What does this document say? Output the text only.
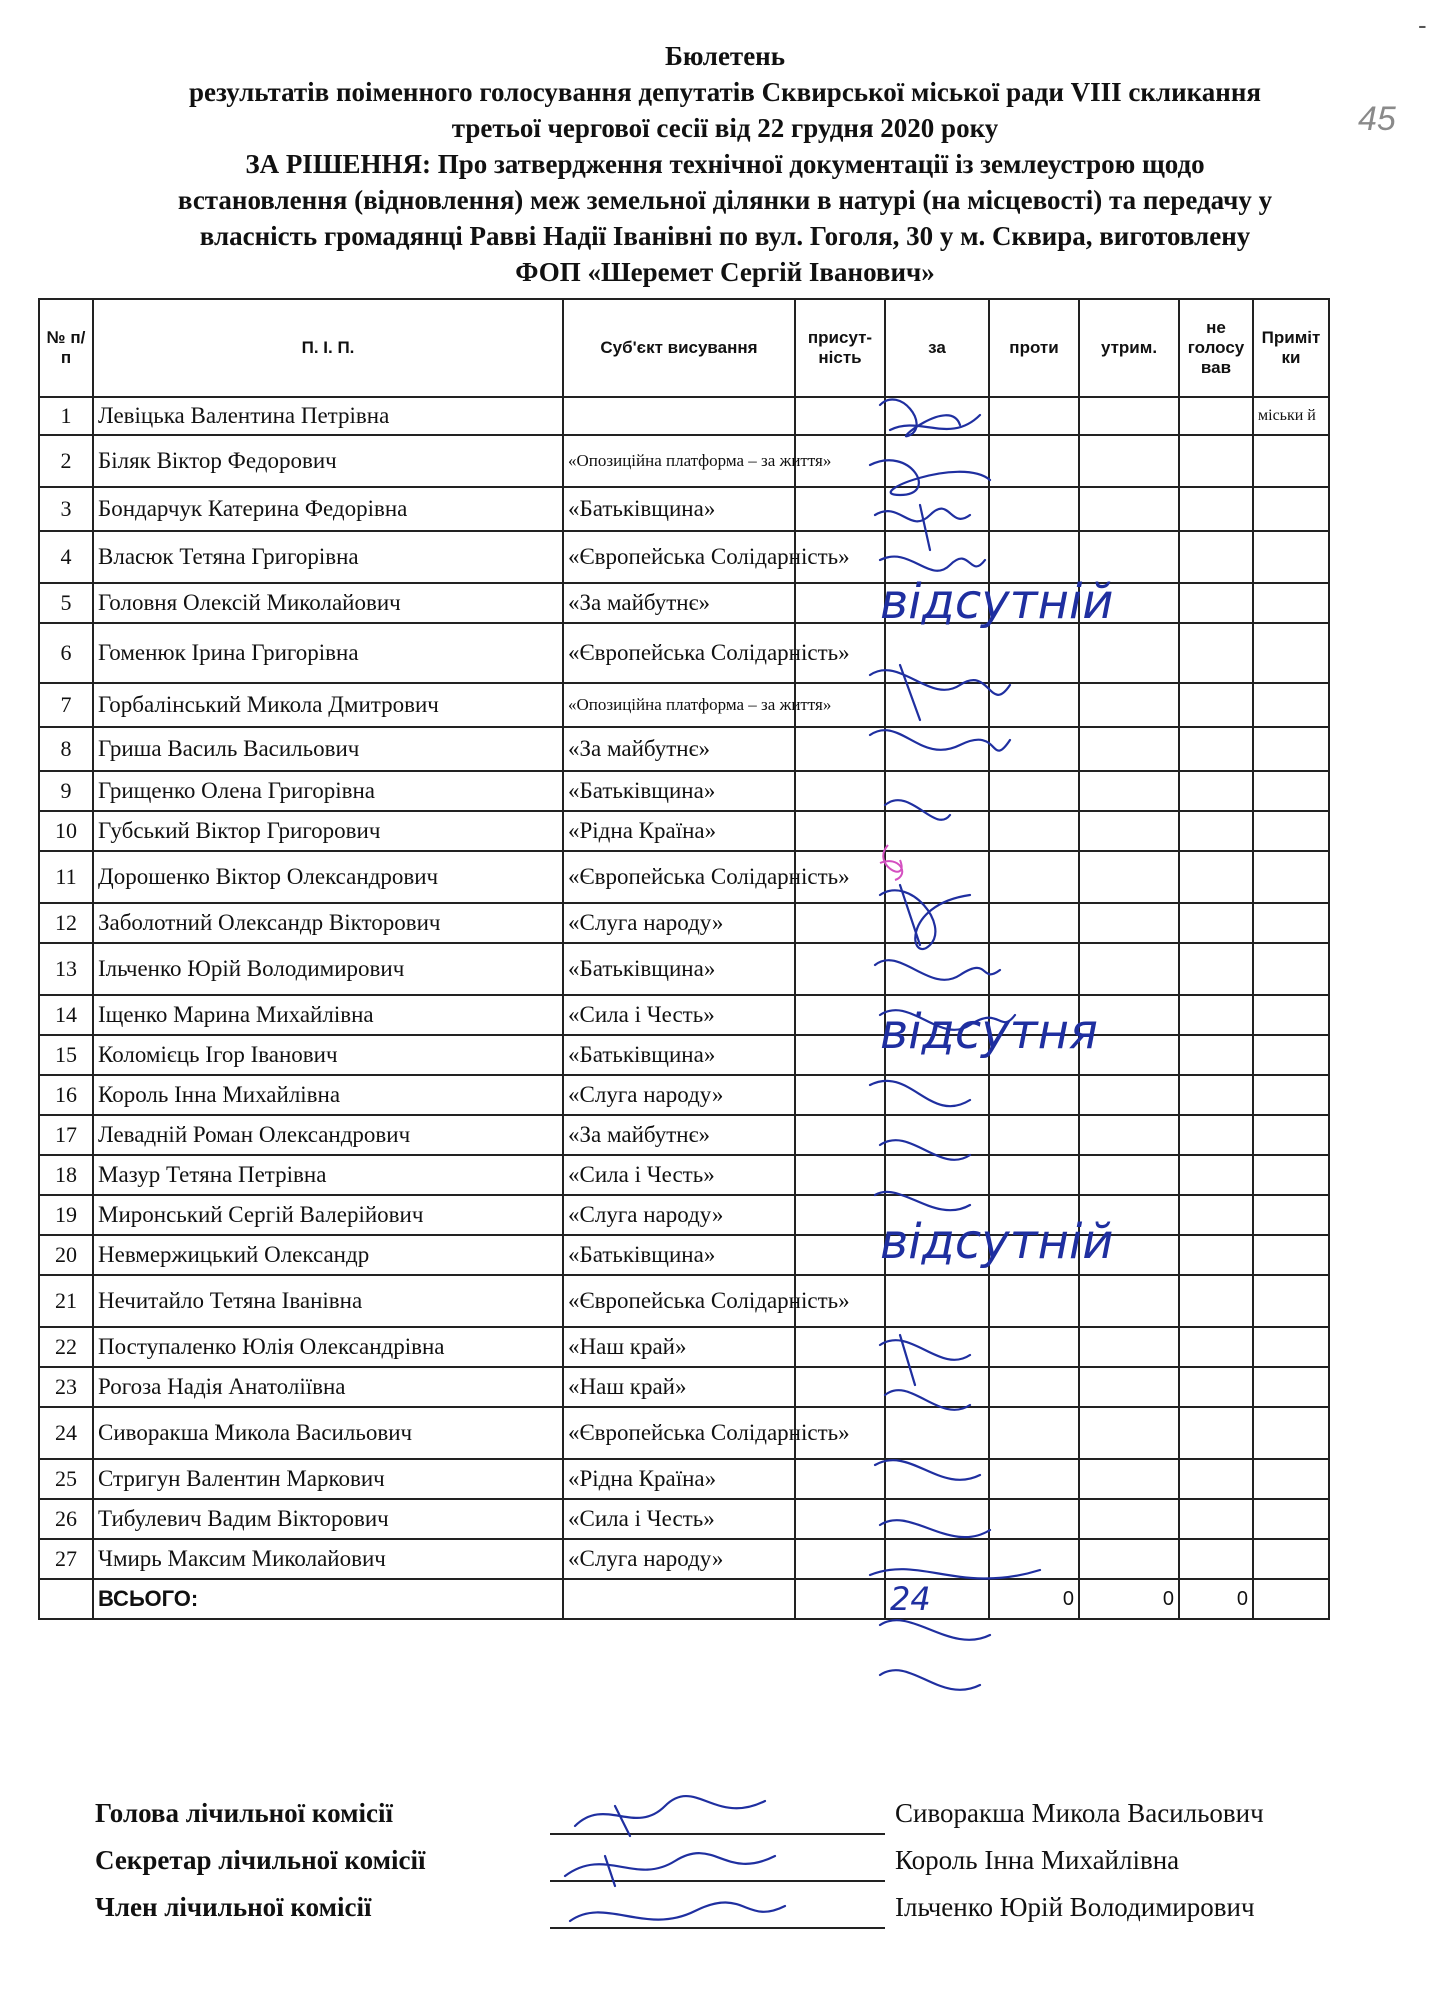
-
45
Бюлетень
результатів поіменного голосування депутатів Сквирської міської ради VIII скликання
третьої чергової сесії від 22 грудня 2020 року
ЗА РІШЕННЯ: Про затвердження технічної документації із землеустрою щодо
встановлення (відновлення) меж земельної ділянки в натурі (на місцевості) та передачу у
власність громадянці Равві Надії Іванівні по вул. Гоголя, 30 у м. Сквира, виготовлену
ФОП «Шеремет Сергій Іванович»
№ п/п	П. І. П.	Суб'єкт висування	присут-ність	за	проти	утрим.	не голосу вав	Приміт ки
1	Левіцька Валентина Петрівна							міськи й
2	Біляк Віктор Федорович	«Опозиційна платформа – за життя»						
3	Бондарчук Катерина Федорівна	«Батьківщина»						
4	Власюк Тетяна Григорівна	«Європейська Солідарність»						
5	Головня Олексій Миколайович	«За майбутнє»						
6	Гоменюк Ірина Григорівна	«Європейська Солідарність»						
7	Горбалінський Микола Дмитрович	«Опозиційна платформа – за життя»						
8	Гриша Василь Васильович	«За майбутнє»						
9	Грищенко Олена Григорівна	«Батьківщина»						
10	Губський Віктор Григорович	«Рідна Країна»						
11	Дорошенко Віктор Олександрович	«Європейська Солідарність»						
12	Заболотний Олександр Вікторович	«Слуга народу»						
13	Ільченко Юрій Володимирович	«Батьківщина»						
14	Іщенко Марина Михайлівна	«Сила і Честь»						
15	Коломієць Ігор Іванович	«Батьківщина»						
16	Король Інна Михайлівна	«Слуга народу»						
17	Левадній Роман Олександрович	«За майбутнє»						
18	Мазур Тетяна Петрівна	«Сила і Честь»						
19	Миронський Сергій Валерійович	«Слуга народу»						
20	Невмержицький Олександр	«Батьківщина»						
21	Нечитайло Тетяна Іванівна	«Європейська Солідарність»						
22	Поступаленко Юлія Олександрівна	«Наш край»						
23	Рогоза Надія Анатоліївна	«Наш край»						
24	Сиворакша Микола Васильович	«Європейська Солідарність»						
25	Стригун Валентин Маркович	«Рідна Країна»						
26	Тибулевич Вадим Вікторович	«Сила і Честь»						
27	Чмирь Максим Миколайович	«Слуга народу»						
	ВСЬОГО:			24	0	0	0	
Голова лічильної комісії	Сиворакша Микола Васильович
Секретар лічильної комісії	Король Інна Михайлівна
Член лічильної комісії	Ільченко Юрій Володимирович
відсутній
відсутня
відсутній
